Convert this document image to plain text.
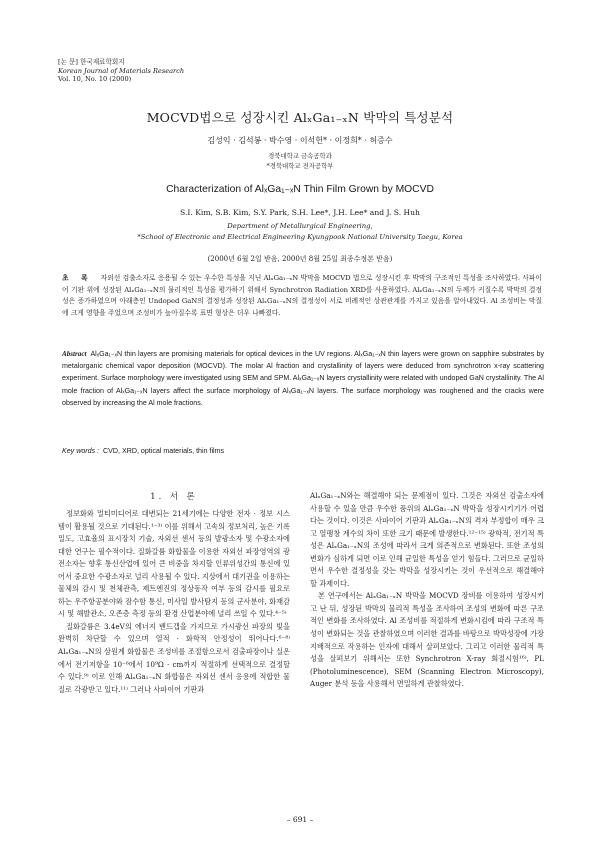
[논 문] 한국재료학회지
Korean Journal of Materials Research
Vol. 10, No. 10 (2000)
MOCVD법으로 성장시킨 AlₓGa₁₋ₓN 박막의 특성분석
김성익 · 김석봉 · 박수영 · 이석헌* · 이정희* · 허증수
경북대학교 금속공학과
*경북대학교 전자공학부
Characterization of AlₓGa₁₋ₓN Thin Film Grown by MOCVD
S.I. Kim, S.B. Kim, S.Y. Park, S.H. Lee*, J.H. Lee* and J. S. Huh
Department of Metallurgical Engineering,
*School of Electronic and Electrical Engineering Kyungpook National University Taegu, Korea
(2000년 6월 2일 받음, 2000년 8월 25일 최종수정본 받음)
초 록 자외선 검출소자로 응용될 수 있는 우수한 특성을 지닌 AlₓGa₁₋ₓN 박막을 MOCVD 법으로 성장시킨 후 박막의 구조적인 특성을 조사하였다. 사파이어 기판 위에 성장된 AlₓGa₁₋ₓN의 물리적인 특성을 평가하기 위해서 Synchrotron Radiation XRD를 사용하였다. AlₓGa₁₋ₓN의 두께가 커질수록 박막의 결정성은 증가하였으며 아래층인 Undoped GaN의 결정성과 성장된 AlₓGa₁₋ₓN의 결정성이 서로 비례적인 상관관계를 가지고 있음을 알아내었다. Al 조성비는 막질에 크게 영향을 주었으며 조성비가 높아질수록 표면 형상은 더우 나빠졌다.
Abstract AlₓGa₁₋ₓN thin layers are promising materials for optical devices in the UV regions. AlₓGa₁₋ₓN thin layers were grown on sapphire substrates by metalorganic chemical vapor deposition (MOCVD). The molar Al fraction and crystallinity of layers were deduced from synchrotron x-ray scattering experiment. Surface morphology were investigated using SEM and SPM. AlₓGa₁₋ₓN layers crystallinity were related with undoped GaN crystallinity. The Al mole fraction of AlₓGa₁₋ₓN layers affect the surface morphology of AlₓGa₁₋ₓN layers. The surface morphology was roughened and the cracks were observed by increasing the Al mole fractions.
Key words : CVD, XRD, optical materials, thin films
1. 서 론

정보화와 멀티미디어로 대변되는 21세기에는 다양한 전자 · 정보 시스템이 활용될 것으로 기대된다.¹⁻³⁾ 이를 위해서 고속의 정보처리, 높은 기록밀도, 고효율의 표시장치 기술, 자외선 센서 등의 발광소자 및 수광소자에 대한 연구는 필수적이다. 질화갈륨 화합물을 이용한 자외선 파장영역의 광전소자는 향후 통신산업에 있어 큰 비중을 차지할 인류위성간의 통신에 있어서 중요한 수광소자로 널리 사용될 수 있다. 지상에서 대기권을 이용하는 물체의 감시 및 천체관측, 제트엔진의 정상동작 여부 등의 감시를 필요로 하는 우주항공분야와 잠수함 통신, 미사일 발사탐지 등의 군사분야, 화재감시 및 해발관소, 오존층 측정 등의 환경 산업분야에 널리 쓰일 수 있다.⁴⁻⁵⁾

질화갈륨은 3.4eV의 에너지 밴드갭을 가지므로 가시광선 파장의 빛을 완벽히 차단할 수 있으며 열적 · 화학적 안정성이 뛰어나다.⁶⁻⁸⁾ AlₓGa₁₋ₓN의 삼원계 화합물은 조성비를 조절함으로서 검출파장이나 실온에서 전기저항을 10⁻⁶에서 10⁹Ω · cm까지 적절하게 선택적으로 결정할 수 있다.⁹⁾ 이로 인해 AlₓGa₁₋ₓN 화합물은 자외선 센서 응용에 적합한 물질로 각광받고 있다.¹¹⁾ 그러나 사파이어 기판과

AlₓGa₁₋ₓN와는 해결해야 되는 문제점이 있다. 그것은 자외선 검출소자에 사용할 수 있을 만큼 우수한 품위의 AlₓGa₁₋ₓN 박막을 성장시키기가 어렵다는 것이다. 이것은 사파이어 기판과 AlₓGa₁₋ₓN의 격자 부정합이 매우 크고 열팽창 계수의 차이 또한 크기 때문에 발생한다.¹²⁻¹⁵⁾ 광학적, 전기적 특성은 AlₓGa₁₋ₓN의 조성에 따라서 크게 의존적으로 변화된다. 또한 조성의 변화가 심하게 되면 이로 인해 균일한 특성을 얻기 힘들다. 그러므로 균일하면서 우수한 결정성을 갖는 박막을 성장시키는 것이 우선적으로 해결해야 할 과제이다.

본 연구에서는 AlₓGa₁₋ₓN 박막을 MOCVD 장비를 이용하여 성장시키고 난 뒤, 성장된 박막의 물리적 특성을 조사하여 조성의 변화에 따른 구조적인 변화를 조사하였다. Al 조성비를 적절하게 변화시킴에 따라 구조적 특성이 변화되는 것을 관찰하였으며 이러한 결과를 바탕으로 박막성장에 가장 지배적으로 작용하는 인자에 대해서 살펴보았다. 그리고 이러한 물리적 특성을 살펴보기 위해서는 또한 Synchrotron X-ray 회절시험¹⁶⁾, PL (Photoluminescence), SEM (Scanning Electron Microscopy), Auger 분석 등을 사용해서 면밀하게 관찰하였다.

– 691 –
